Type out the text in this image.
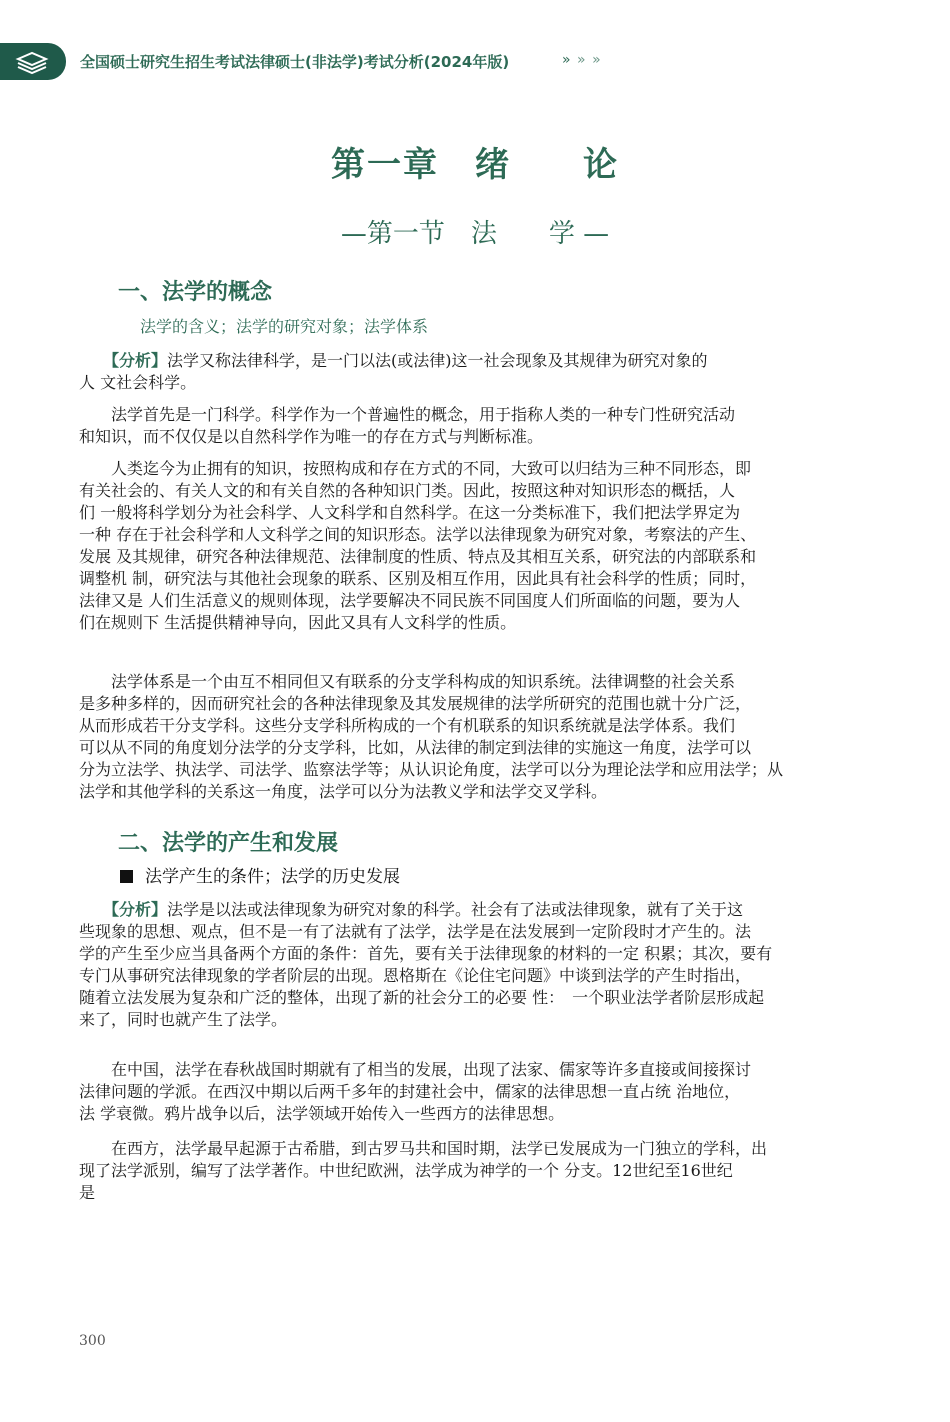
全国硕士研究生招生考试法律硕士(非法学)考试分析(2024年版)	» » »
第一章　绪　　论
—第一节　法　　学 —
一、法学的概念
法学的含义；法学的研究对象；法学体系
　　【分析】法学又称法律科学，是一门以法(或法律)这一社会现象及其规律为研究对象的
人 文社会科学。
　　法学首先是一门科学。科学作为一个普遍性的概念，用于指称人类的一种专门性研究活动
和知识，而不仅仅是以自然科学作为唯一的存在方式与判断标准。
　　人类迄今为止拥有的知识，按照构成和存在方式的不同，大致可以归结为三种不同形态，即
有关社会的、有关人文的和有关自然的各种知识门类。因此，按照这种对知识形态的概括，人
们 一般将科学划分为社会科学、人文科学和自然科学。在这一分类标准下，我们把法学界定为
一种 存在于社会科学和人文科学之间的知识形态。法学以法律现象为研究对象，考察法的产生、
发展 及其规律，研究各种法律规范、法律制度的性质、特点及其相互关系，研究法的内部联系和
调整机 制，研究法与其他社会现象的联系、区别及相互作用，因此具有社会科学的性质；同时，
法律又是 人们生活意义的规则体现，法学要解决不同民族不同国度人们所面临的问题，要为人
们在规则下 生活提供精神导向，因此又具有人文科学的性质。
　　法学体系是一个由互不相同但又有联系的分支学科构成的知识系统。法律调整的社会关系
是多种多样的，因而研究社会的各种法律现象及其发展规律的法学所研究的范围也就十分广泛，
从而形成若干分支学科。这些分支学科所构成的一个有机联系的知识系统就是法学体系。我们
可以从不同的角度划分法学的分支学科，比如，从法律的制定到法律的实施这一角度，法学可以
分为立法学、执法学、司法学、监察法学等；从认识论角度，法学可以分为理论法学和应用法学；从
法学和其他学科的关系这一角度，法学可以分为法教义学和法学交叉学科。
二、法学的产生和发展
法学产生的条件；法学的历史发展
　　【分析】法学是以法或法律现象为研究对象的科学。社会有了法或法律现象，就有了关于这
些现象的思想、观点，但不是一有了法就有了法学，法学是在法发展到一定阶段时才产生的。法
学的产生至少应当具备两个方面的条件：首先，要有关于法律现象的材料的一定 积累；其次，要有
专门从事研究法律现象的学者阶层的出现。恩格斯在《论住宅问题》中谈到法学的产生时指出，
随着立法发展为复杂和广泛的整体，出现了新的社会分工的必要 性：　一个职业法学者阶层形成起
来了，同时也就产生了法学。
　　在中国，法学在春秋战国时期就有了相当的发展，出现了法家、儒家等许多直接或间接探讨
法律问题的学派。在西汉中期以后两千多年的封建社会中，儒家的法律思想一直占统 治地位，
法 学衰微。鸦片战争以后，法学领域开始传入一些西方的法律思想。
　　在西方，法学最早起源于古希腊，到古罗马共和国时期，法学已发展成为一门独立的学科，出
现了法学派别，编写了法学著作。中世纪欧洲，法学成为神学的一个 分支。12世纪至16世纪
是
300
